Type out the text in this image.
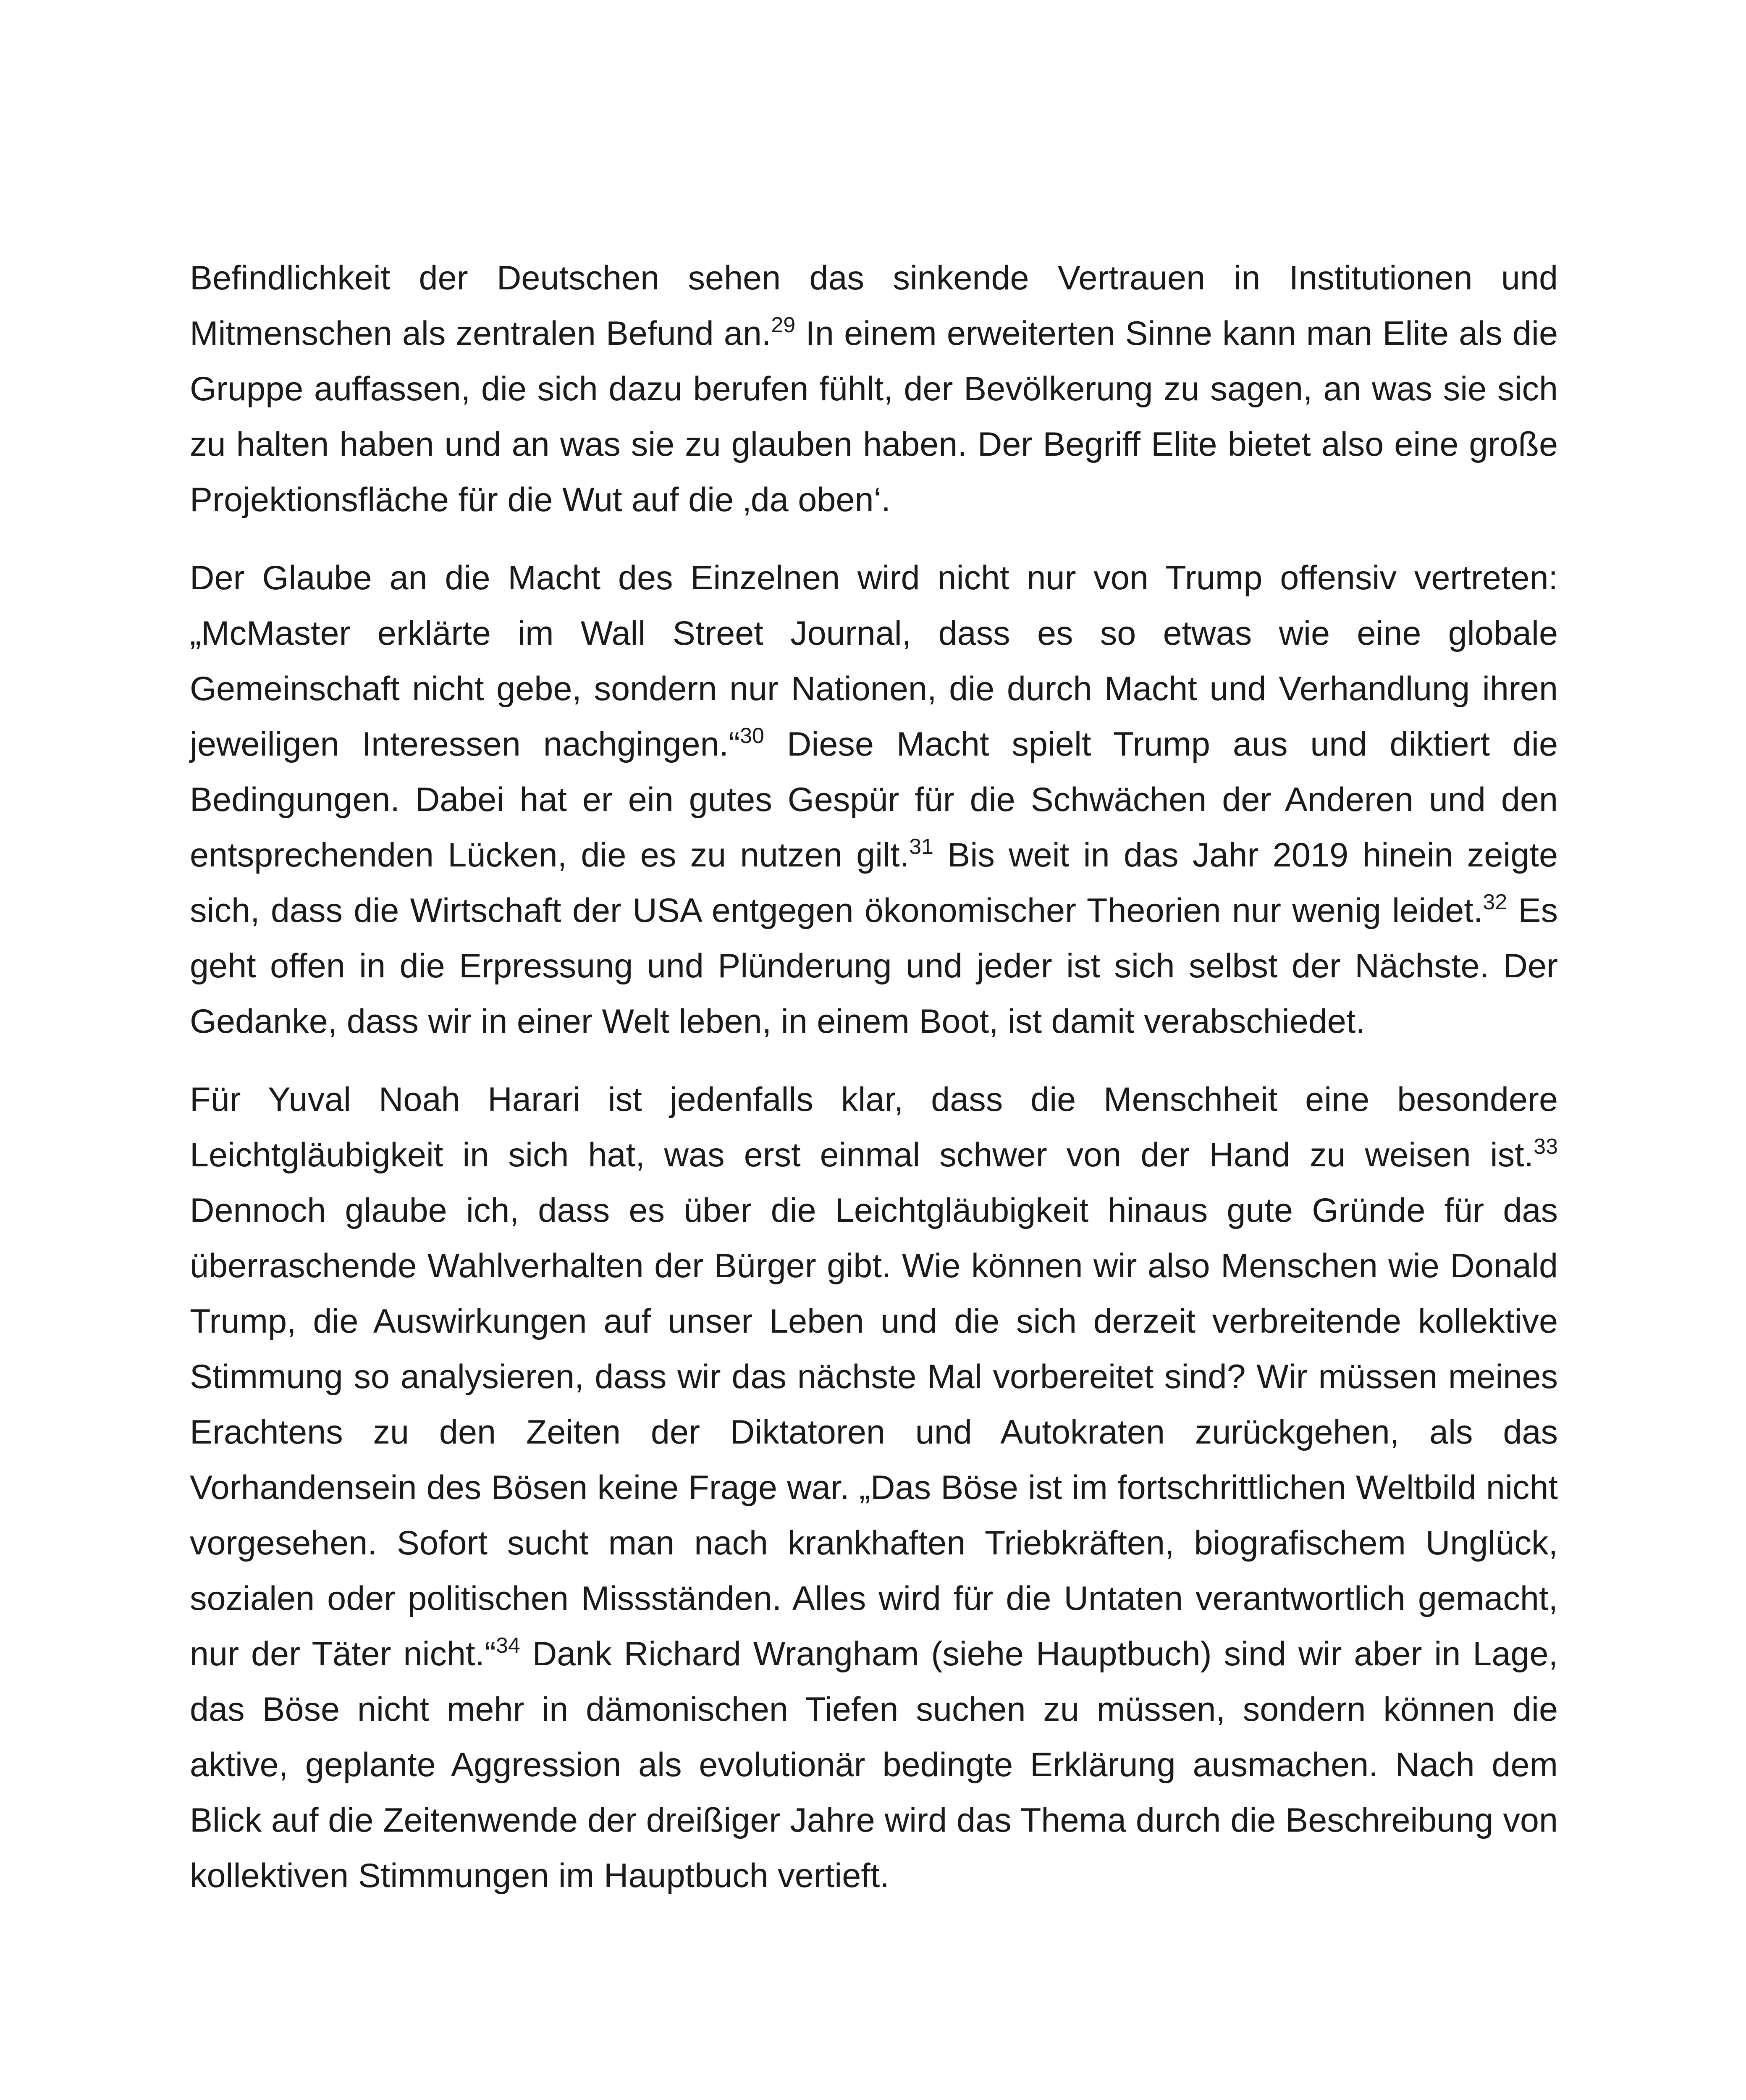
Befindlichkeit der Deutschen sehen das sinkende Vertrauen in Institutionen und Mitmenschen als zentralen Befund an.$^{29}$ In einem erweiterten Sinne kann man Elite als die Gruppe auffassen, die sich dazu berufen fühlt, der Bevölkerung zu sagen, an was sie sich zu halten haben und an was sie zu glauben haben. Der Begriff Elite bietet also eine große Projektionsfläche für die Wut auf die ‚da oben‘.

Der Glaube an die Macht des Einzelnen wird nicht nur von Trump offensiv vertreten: „McMaster erklärte im Wall Street Journal, dass es so etwas wie eine globale Gemeinschaft nicht gebe, sondern nur Nationen, die durch Macht und Verhandlung ihren jeweiligen Interessen nachgingen.“$^{30}$ Diese Macht spielt Trump aus und diktiert die Bedingungen. Dabei hat er ein gutes Gespür für die Schwächen der Anderen und den entsprechenden Lücken, die es zu nutzen gilt.$^{31}$ Bis weit in das Jahr 2019 hinein zeigte sich, dass die Wirtschaft der USA entgegen ökonomischer Theorien nur wenig leidet.$^{32}$ Es geht offen in die Erpressung und Plünderung und jeder ist sich selbst der Nächste. Der Gedanke, dass wir in einer Welt leben, in einem Boot, ist damit verabschiedet.

Für Yuval Noah Harari ist jedenfalls klar, dass die Menschheit eine besondere Leichtgläubigkeit in sich hat, was erst einmal schwer von der Hand zu weisen ist.$^{33}$ Dennoch glaube ich, dass es über die Leichtgläubigkeit hinaus gute Gründe für das überraschende Wahlverhalten der Bürger gibt. Wie können wir also Menschen wie Donald Trump, die Auswirkungen auf unser Leben und die sich derzeit verbreitende kollektive Stimmung so analysieren, dass wir das nächste Mal vorbereitet sind? Wir müssen meines Erachtens zu den Zeiten der Diktatoren und Autokraten zurückgehen, als das Vorhandensein des Bösen keine Frage war. „Das Böse ist im fortschrittlichen Weltbild nicht vorgesehen. Sofort sucht man nach krankhaften Triebkräften, biografischem Unglück, sozialen oder politischen Missständen. Alles wird für die Untaten verantwortlich gemacht, nur der Täter nicht.“$^{34}$ Dank Richard Wrangham (siehe Hauptbuch) sind wir aber in Lage, das Böse nicht mehr in dämonischen Tiefen suchen zu müssen, sondern können die aktive, geplante Aggression als evolutionär bedingte Erklärung ausmachen. Nach dem Blick auf die Zeitenwende der dreißiger Jahre wird das Thema durch die Beschreibung von kollektiven Stimmungen im Hauptbuch vertieft.
